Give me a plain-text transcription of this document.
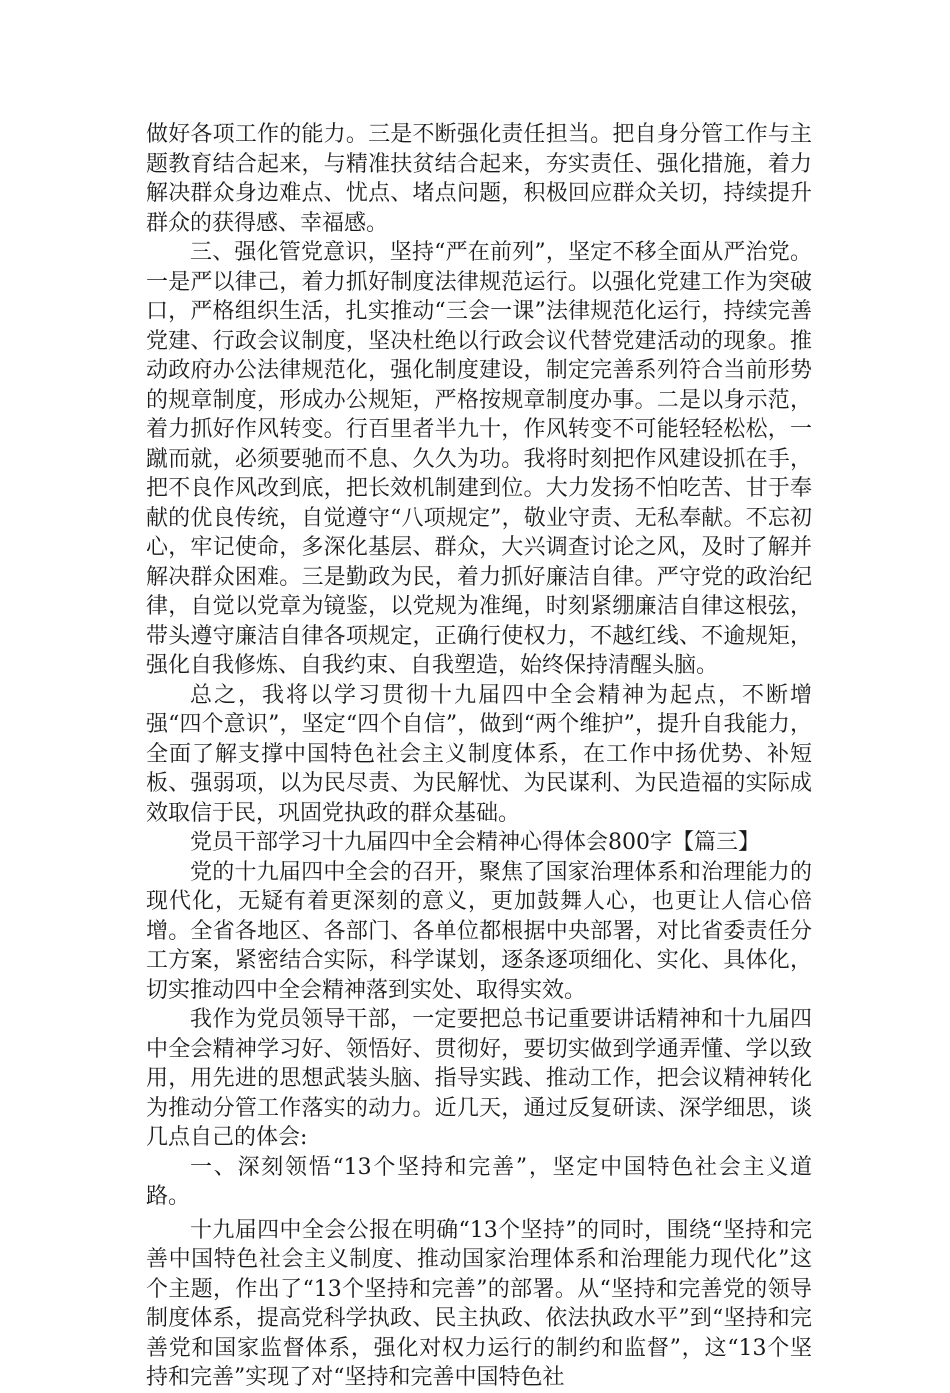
做好各项工作的能力。三是不断强化责任担当。把自身分管工作与主题教育结合起来，与精准扶贫结合起来，夯实责任、强化措施，着力解决群众身边难点、忧点、堵点问题，积极回应群众关切，持续提升群众的获得感、幸福感。

三、强化管党意识，坚持“严在前列”，坚定不移全面从严治党。一是严以律己，着力抓好制度法律规范运行。以强化党建工作为突破口，严格组织生活，扎实推动“三会一课”法律规范化运行，持续完善党建、行政会议制度，坚决杜绝以行政会议代替党建活动的现象。推动政府办公法律规范化，强化制度建设，制定完善系列符合当前形势的规章制度，形成办公规矩，严格按规章制度办事。二是以身示范，着力抓好作风转变。行百里者半九十，作风转变不可能轻轻松松，一蹴而就，必须要驰而不息、久久为功。我将时刻把作风建设抓在手，把不良作风改到底，把长效机制建到位。大力发扬不怕吃苦、甘于奉献的优良传统，自觉遵守“八项规定”，敬业守责、无私奉献。不忘初心，牢记使命，多深化基层、群众，大兴调查讨论之风，及时了解并解决群众困难。三是勤政为民，着力抓好廉洁自律。严守党的政治纪律，自觉以党章为镜鉴，以党规为准绳，时刻紧绷廉洁自律这根弦，带头遵守廉洁自律各项规定，正确行使权力，不越红线、不逾规矩，强化自我修炼、自我约束、自我塑造，始终保持清醒头脑。

总之，我将以学习贯彻十九届四中全会精神为起点，不断增强“四个意识”，坚定“四个自信”，做到“两个维护”，提升自我能力，全面了解支撑中国特色社会主义制度体系，在工作中扬优势、补短板、强弱项，以为民尽责、为民解忧、为民谋利、为民造福的实际成效取信于民，巩固党执政的群众基础。

党员干部学习十九届四中全会精神心得体会800字【篇三】

党的十九届四中全会的召开，聚焦了国家治理体系和治理能力的现代化，无疑有着更深刻的意义，更加鼓舞人心，也更让人信心倍增。全省各地区、各部门、各单位都根据中央部署，对比省委责任分工方案，紧密结合实际，科学谋划，逐条逐项细化、实化、具体化，切实推动四中全会精神落到实处、取得实效。

我作为党员领导干部，一定要把总书记重要讲话精神和十九届四中全会精神学习好、领悟好、贯彻好，要切实做到学通弄懂、学以致用，用先进的思想武装头脑、指导实践、推动工作，把会议精神转化为推动分管工作落实的动力。近几天，通过反复研读、深学细思，谈几点自己的体会:

一、深刻领悟“13个坚持和完善”，坚定中国特色社会主义道路。

十九届四中全会公报在明确“13个坚持”的同时，围绕“坚持和完善中国特色社会主义制度、推动国家治理体系和治理能力现代化”这个主题，作出了“13个坚持和完善”的部署。从“坚持和完善党的领导制度体系，提高党科学执政、民主执政、依法执政水平”到“坚持和完善党和国家监督体系，强化对权力运行的制约和监督”，这“13个坚持和完善”实现了对“坚持和完善中国特色社
